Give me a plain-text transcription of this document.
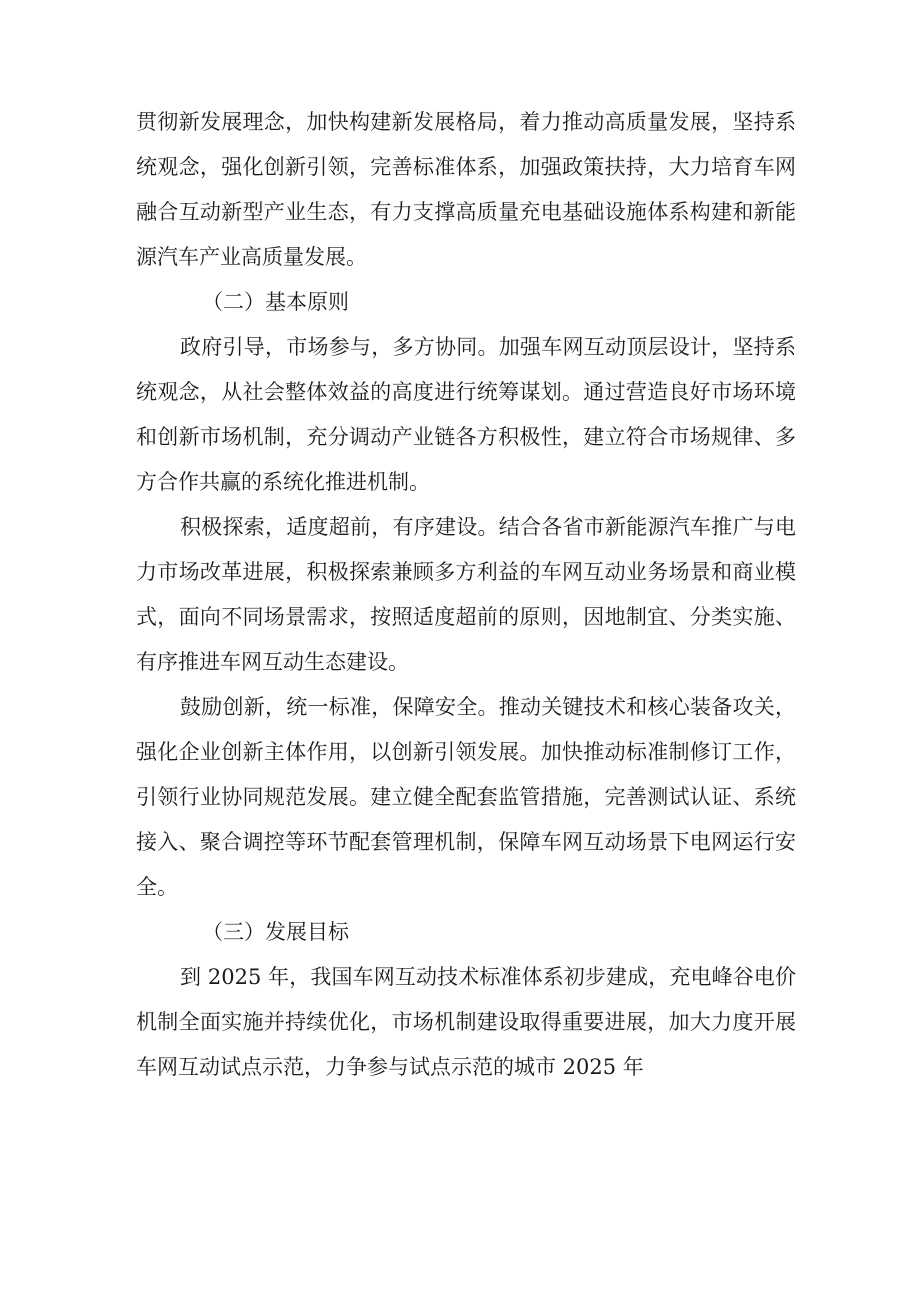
贯彻新发展理念，加快构建新发展格局，着力推动高质量发展，坚持系统观念，强化创新引领，完善标准体系，加强政策扶持，大力培育车网融合互动新型产业生态，有力支撑高质量充电基础设施体系构建和新能源汽车产业高质量发展。

（二）基本原则

政府引导，市场参与，多方协同。加强车网互动顶层设计，坚持系统观念，从社会整体效益的高度进行统筹谋划。通过营造良好市场环境和创新市场机制，充分调动产业链各方积极性，建立符合市场规律、多方合作共赢的系统化推进机制。

积极探索，适度超前，有序建设。结合各省市新能源汽车推广与电力市场改革进展，积极探索兼顾多方利益的车网互动业务场景和商业模式，面向不同场景需求，按照适度超前的原则，因地制宜、分类实施、有序推进车网互动生态建设。

鼓励创新，统一标准，保障安全。推动关键技术和核心装备攻关，强化企业创新主体作用，以创新引领发展。加快推动标准制修订工作，引领行业协同规范发展。建立健全配套监管措施，完善测试认证、系统接入、聚合调控等环节配套管理机制，保障车网互动场景下电网运行安全。

（三）发展目标

到 2025 年，我国车网互动技术标准体系初步建成，充电峰谷电价机制全面实施并持续优化，市场机制建设取得重要进展，加大力度开展车网互动试点示范，力争参与试点示范的城市 2025 年
